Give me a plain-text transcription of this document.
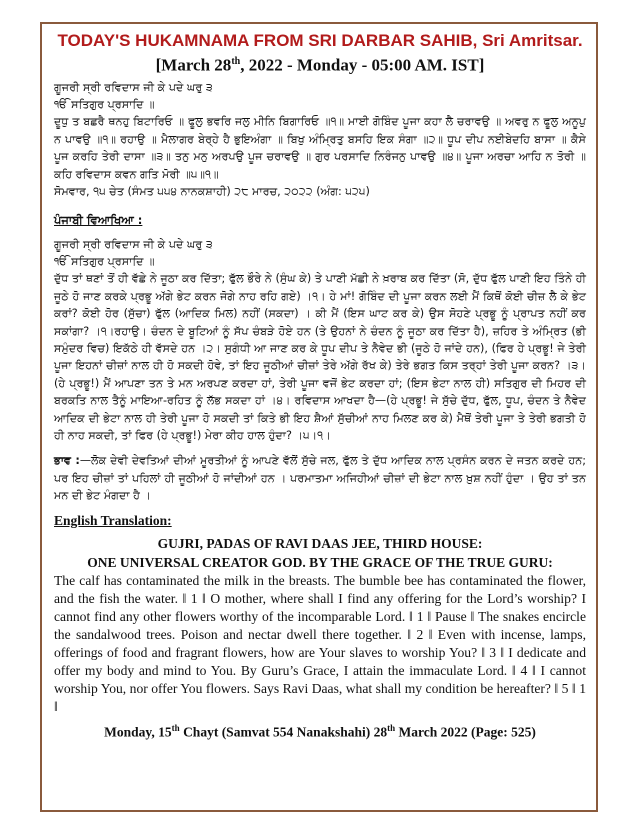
TODAY'S HUKAMNAMA FROM SRI DARBAR SAHIB, Sri Amritsar.
[March 28th, 2022 - Monday - 05:00 AM. IST]
ਗੂਜਰੀ ਸ੍ਰੀ ਰਵਿਦਾਸ ਜੀ ਕੇ ਪਦੇ ਘਰੁ ੩
ੴ ਸਤਿਗੁਰ ਪ੍ਰਸਾਦਿ ॥
ਦੂਧੁ ਤ ਬਛਰੈ ਥਨਹੁ ਬਿਟਾਰਿਓ ॥ ਫੂਲੁ ਭਵਰਿ ਜਲੁ ਮੀਨਿ ਬਿਗਾਰਿਓ ॥੧॥ ਮਾਈ ਗੋਬਿੰਦ ਪੂਜਾ ਕਹਾ ਲੈ ਚਰਾਵਉ ॥ ਅਵਰੁ ਨ ਫੂਲੁ ਅਨੂਪੁ ਨ ਪਾਵਉ ॥੧॥ ਰਹਾਉ ॥ ਮੈਲਾਗਰ ਬੇਰ੍ਹੇ ਹੈ ਭੁਇਅੰਗਾ ॥ ਬਿਖੁ ਅੰਮ੍ਰਿਤੁ ਬਸਹਿ ਇਕ ਸੰਗਾ ॥੨॥ ਧੂਪ ਦੀਪ ਨਈਬੇਦਹਿ ਬਾਸਾ ॥ ਕੈਸੇ ਪੂਜ ਕਰਹਿ ਤੇਰੀ ਦਾਸਾ ॥੩॥ ਤਨੁ ਮਨੁ ਅਰਪਉ ਪੂਜ ਚਰਾਵਉ ॥ ਗੁਰ ਪਰਸਾਦਿ ਨਿਰੰਜਨੁ ਪਾਵਉ ॥੪॥ ਪੂਜਾ ਅਰਚਾ ਆਹਿ ਨ ਤੋਰੀ ॥ ਕਹਿ ਰਵਿਦਾਸ ਕਵਨ ਗਤਿ ਮੋਰੀ ॥੫॥੧॥
ਸੋਮਵਾਰ, ੧੫ ਚੇਤ (ਸੰਮਤ ੫੫੪ ਨਾਨਕਸ਼ਾਹੀ) ੨੮ ਮਾਰਚ, ੨੦੨੨ (ਅੰਗ: ੫੨੫)
ਪੰਜਾਬੀ ਵਿਆਖਿਆ :
ਗੂਜਰੀ ਸ੍ਰੀ ਰਵਿਦਾਸ ਜੀ ਕੇ ਪਦੇ ਘਰੁ ੩
ੴ ਸਤਿਗੁਰ ਪ੍ਰਸਾਦਿ ॥
ਦੁੱਧ ਤਾਂ ਥਣਾਂ ਤੋਂ ਹੀ ਵੱਛੇ ਨੇ ਜੂਠਾ ਕਰ ਦਿੱਤਾ; ਫੁੱਲ ਭੌਰੇ ਨੇ (ਸੁੰਘ ਕੇ) ਤੇ ਪਾਣੀ ਮੱਛੀ ਨੇ ਖ਼ਰਾਬ ਕਰ ਦਿੱਤਾ (ਸੋ, ਦੁੱਧ ਫੁੱਲ ਪਾਣੀ ਇਹ ਤਿੰਨੇ ਹੀ ਜੂਠੇ ਹੋ ਜਾਣ ਕਰਕੇ ਪ੍ਰਭੂ ਅੱਗੇ ਭੇਟ ਕਰਨ ਜੋਗੇ ਨਾਹ ਰਹਿ ਗਏ) ।੧। ਹੇ ਮਾਂ! ਗੋਬਿੰਦ ਦੀ ਪੂਜਾ ਕਰਨ ਲਈ ਮੈਂ ਕਿਥੋਂ ਕੋਈ ਚੀਜ਼ ਲੈ ਕੇ ਭੇਟ ਕਰਾਂ? ਕੋਈ ਹੋਰ (ਸੁੱਚਾ) ਫੁੱਲ (ਆਦਿਕ ਮਿਲ) ਨਹੀਂ (ਸਕਦਾ) । ਕੀ ਮੈਂ (ਇਸ ਘਾਟ ਕਰ ਕੇ) ਉਸ ਸੋਹਣੇ ਪ੍ਰਭੂ ਨੂੰ ਪ੍ਰਾਪਤ ਨਹੀਂ ਕਰ ਸਕਾਂਗਾ? ।੧।ਰਹਾਉ। ਚੰਦਨ ਦੇ ਬੂਟਿਆਂ ਨੂੰ ਸੱਪ ਚੰਬੜੇ ਹੋਏ ਹਨ (ਤੇ ਉਹਨਾਂ ਨੇ ਚੰਦਨ ਨੂੰ ਜੂਠਾ ਕਰ ਦਿੱਤਾ ਹੈ), ਜ਼ਹਿਰ ਤੇ ਅੰਮ੍ਰਿਤ (ਭੀ ਸਮੁੰਦਰ ਵਿਚ) ਇਕੱਠੇ ਹੀ ਵੱਸਦੇ ਹਨ ।੨। ਸੁਗੰਧੀ ਆ ਜਾਣ ਕਰ ਕੇ ਧੂਪ ਦੀਪ ਤੇ ਨੈਵੇਦ ਭੀ (ਜੂਠੇ ਹੋ ਜਾਂਦੇ ਹਨ), (ਫਿਰ ਹੇ ਪ੍ਰਭੂ! ਜੇ ਤੇਰੀ ਪੂਜਾ ਇਹਨਾਂ ਚੀਜ਼ਾਂ ਨਾਲ ਹੀ ਹੋ ਸਕਦੀ ਹੋਵੇ, ਤਾਂ ਇਹ ਜੂਠੀਆਂ ਚੀਜ਼ਾਂ ਤੇਰੇ ਅੱਗੇ ਰੱਖ ਕੇ) ਤੇਰੇ ਭਗਤ ਕਿਸ ਤਰ੍ਹਾਂ ਤੇਰੀ ਪੂਜਾ ਕਰਨ? ।੩। (ਹੇ ਪ੍ਰਭੂ!) ਮੈਂ ਆਪਣਾ ਤਨ ਤੇ ਮਨ ਅਰਪਣ ਕਰਦਾ ਹਾਂ, ਤੇਰੀ ਪੂਜਾ ਵਜੋਂ ਭੇਟ ਕਰਦਾ ਹਾਂ; (ਇਸ ਭੇਟਾ ਨਾਲ ਹੀ) ਸਤਿਗੁਰ ਦੀ ਮਿਹਰ ਦੀ ਬਰਕਤਿ ਨਾਲ ਤੈਨੂੰ ਮਾਇਆ-ਰਹਿਤ ਨੂੰ ਲੱਭ ਸਕਦਾ ਹਾਂ ।੪। ਰਵਿਦਾਸ ਆਖਦਾ ਹੈ—(ਹੇ ਪ੍ਰਭੂ! ਜੇ ਸੁੱਚੇ ਦੁੱਧ, ਫੁੱਲ, ਧੂਪ, ਚੰਦਨ ਤੇ ਨੈਵੇਦ ਆਦਿਕ ਦੀ ਭੇਟਾ ਨਾਲ ਹੀ ਤੇਰੀ ਪੂਜਾ ਹੋ ਸਕਦੀ ਤਾਂ ਕਿਤੇ ਭੀ ਇਹ ਸ਼ੈਆਂ ਸੁੱਚੀਆਂ ਨਾਹ ਮਿਲਣ ਕਰ ਕੇ) ਮੈਥੋਂ ਤੇਰੀ ਪੂਜਾ ਤੇ ਤੇਰੀ ਭਗਤੀ ਹੋ ਹੀ ਨਾਹ ਸਕਦੀ, ਤਾਂ ਫਿਰ (ਹੇ ਪ੍ਰਭੂ!) ਮੇਰਾ ਕੀਹ ਹਾਲ ਹੁੰਦਾ? ।੫।੧।
ਭਾਵ :—ਲੋਕ ਦੇਵੀ ਦੇਵਤਿਆਂ ਦੀਆਂ ਮੂਰਤੀਆਂ ਨੂੰ ਆਪਣੇ ਵੱਲੋਂ ਸੁੱਚੇ ਜਲ, ਫੁੱਲ ਤੇ ਦੁੱਧ ਆਦਿਕ ਨਾਲ ਪ੍ਰਸੰਨ ਕਰਨ ਦੇ ਜਤਨ ਕਰਦੇ ਹਨ; ਪਰ ਇਹ ਚੀਜ਼ਾਂ ਤਾਂ ਪਹਿਲਾਂ ਹੀ ਜੂਠੀਆਂ ਹੋ ਜਾਂਦੀਆਂ ਹਨ । ਪਰਮਾਤਮਾ ਅਜਿਹੀਆਂ ਚੀਜ਼ਾਂ ਦੀ ਭੇਟਾ ਨਾਲ ਖ਼ੁਸ਼ ਨਹੀਂ ਹੁੰਦਾ । ਉਹ ਤਾਂ ਤਨ ਮਨ ਦੀ ਭੇਟ ਮੰਗਦਾ ਹੈ ।
English Translation:
GUJRI, PADAS OF RAVI DAAS JEE, THIRD HOUSE:
ONE UNIVERSAL CREATOR GOD. BY THE GRACE OF THE TRUE GURU:
The calf has contaminated the milk in the breasts. The bumble bee has contaminated the flower, and the fish the water. ‖ 1 ‖ O mother, where shall I find any offering for the Lord’s worship? I cannot find any other flowers worthy of the incomparable Lord. ‖ 1 ‖ Pause ‖ The snakes encircle the sandalwood trees. Poison and nectar dwell there together. ‖ 2 ‖ Even with incense, lamps, offerings of food and fragrant flowers, how are Your slaves to worship You? ‖ 3 ‖ I dedicate and offer my body and mind to You. By Guru’s Grace, I attain the immaculate Lord. ‖ 4 ‖ I cannot worship You, nor offer You flowers. Says Ravi Daas, what shall my condition be hereafter? ‖ 5 ‖ 1 ‖
Monday, 15th Chayt (Samvat 554 Nanakshahi) 28th March 2022 (Page: 525)
